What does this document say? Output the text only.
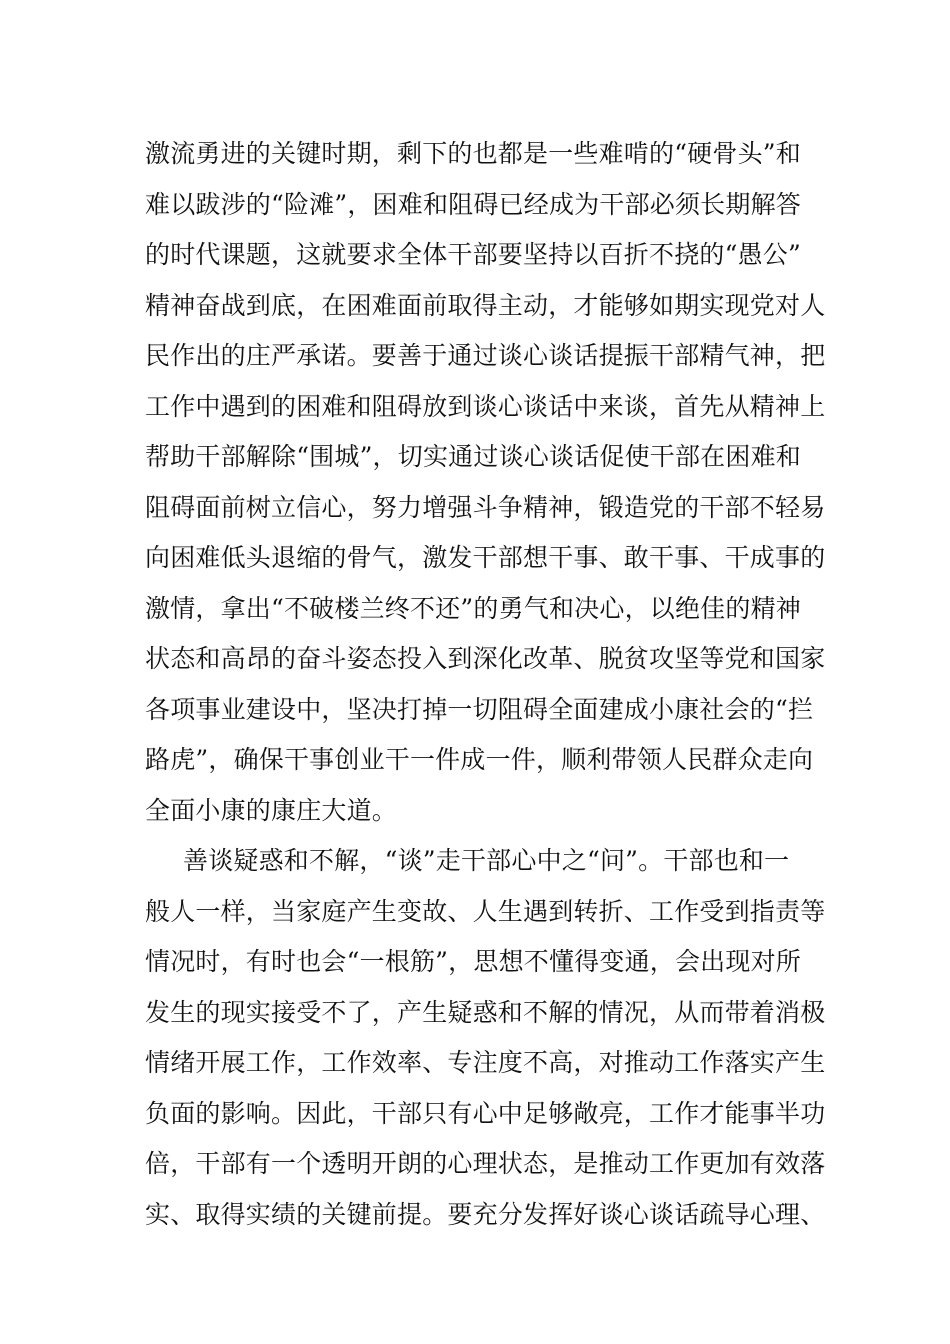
激流勇进的关键时期，剩下的也都是一些难啃的“硬骨头”和
难以跋涉的“险滩”，困难和阻碍已经成为干部必须长期解答
的时代课题，这就要求全体干部要坚持以百折不挠的“愚公”
精神奋战到底，在困难面前取得主动，才能够如期实现党对人
民作出的庄严承诺。要善于通过谈心谈话提振干部精气神，把
工作中遇到的困难和阻碍放到谈心谈话中来谈，首先从精神上
帮助干部解除“围城”，切实通过谈心谈话促使干部在困难和
阻碍面前树立信心，努力增强斗争精神，锻造党的干部不轻易
向困难低头退缩的骨气，激发干部想干事、敢干事、干成事的
激情，拿出“不破楼兰终不还”的勇气和决心，以绝佳的精神
状态和高昂的奋斗姿态投入到深化改革、脱贫攻坚等党和国家
各项事业建设中，坚决打掉一切阻碍全面建成小康社会的“拦
路虎”，确保干事创业干一件成一件，顺利带领人民群众走向
全面小康的康庄大道。
善谈疑惑和不解，“谈”走干部心中之“问”。干部也和一
般人一样，当家庭产生变故、人生遇到转折、工作受到指责等
情况时，有时也会“一根筋”，思想不懂得变通，会出现对所
发生的现实接受不了，产生疑惑和不解的情况，从而带着消极
情绪开展工作，工作效率、专注度不高，对推动工作落实产生
负面的影响。因此，干部只有心中足够敞亮，工作才能事半功
倍，干部有一个透明开朗的心理状态，是推动工作更加有效落
实、取得实绩的关键前提。要充分发挥好谈心谈话疏导心理、
